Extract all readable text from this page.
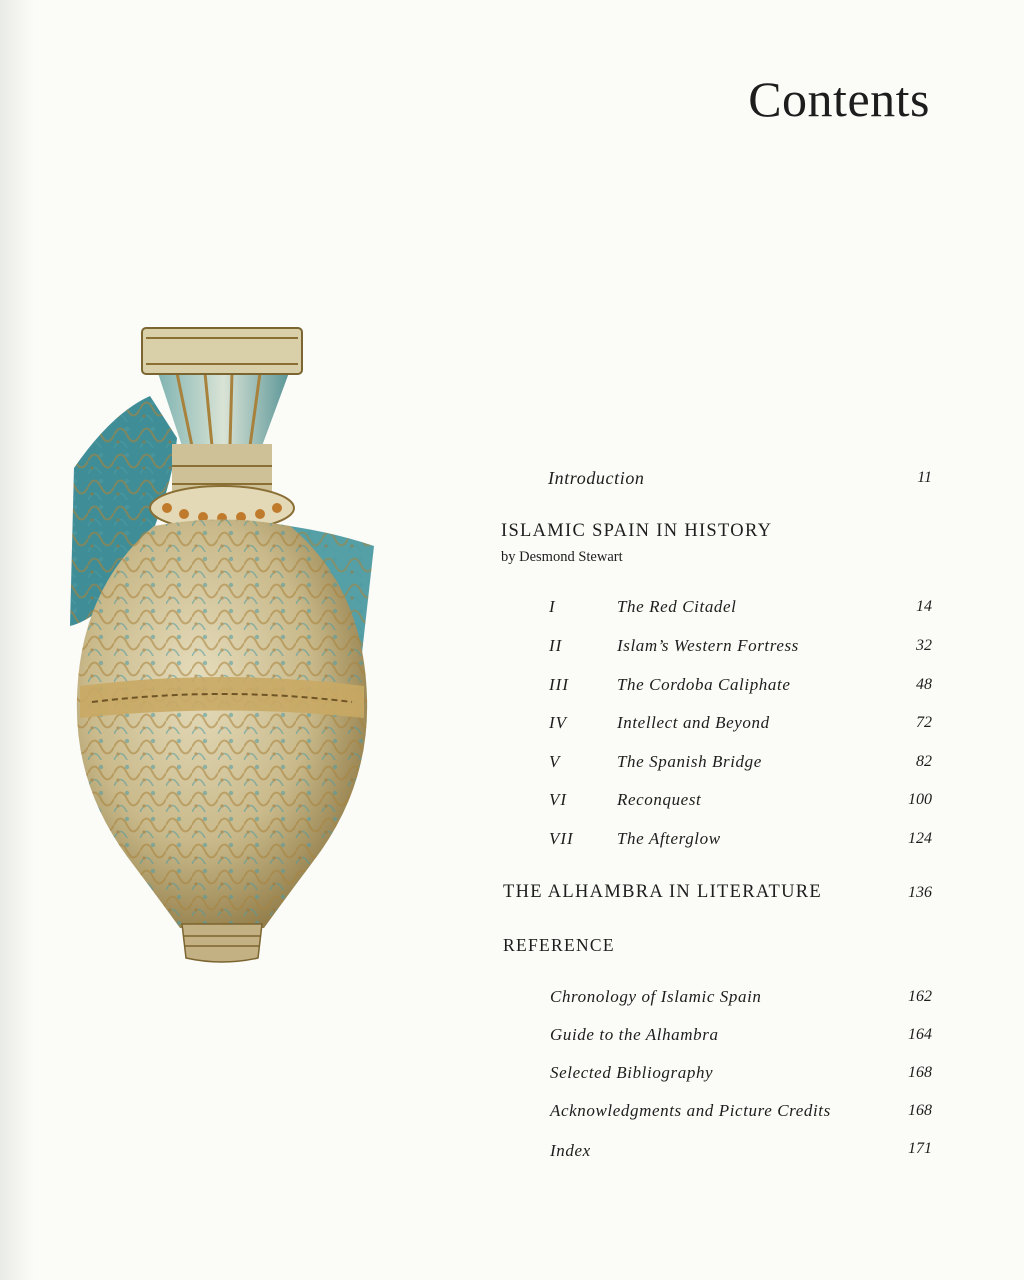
Contents
Introduction	11
ISLAMIC SPAIN IN HISTORY
by Desmond Stewart
I	The Red Citadel	14
II	Islam’s Western Fortress	32
III	The Cordoba Caliphate	48
IV	Intellect and Beyond	72
V	The Spanish Bridge	82
VI	Reconquest	100
VII	The Afterglow	124
THE ALHAMBRA IN LITERATURE	136
REFERENCE
Chronology of Islamic Spain	162
Guide to the Alhambra	164
Selected Bibliography	168
Acknowledgments and Picture Credits	168
Index	171
